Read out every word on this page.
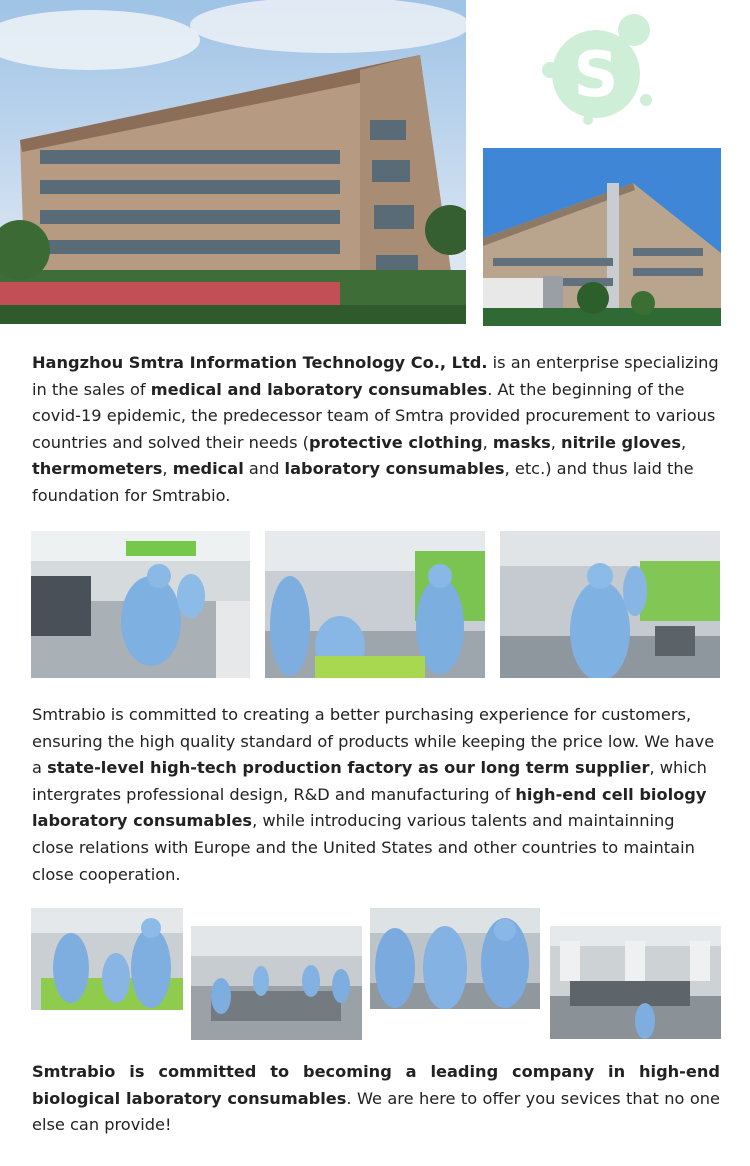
S
Hangzhou Smtra Information Technology Co., Ltd. is an enterprise specializing in the sales of medical and laboratory consumables. At the beginning of the covid-19 epidemic, the predecessor team of Smtra provided procurement to various countries and solved their needs (protective clothing, masks, nitrile gloves, thermometers, medical and laboratory consumables, etc.) and thus laid the foundation for Smtrabio.
Smtrabio is committed to creating a better purchasing experience for customers, ensuring the high quality standard of products while keeping the price low. We have a state-level high-tech production factory as our long term supplier, which intergrates professional design, R&D and manufacturing of high-end cell biology laboratory consumables, while introducing various talents and maintainning close relations with Europe and the United States and other countries to maintain close cooperation.
Smtrabio is committed to becoming a leading company in high-end biological laboratory consumables. We are here to offer you sevices that no one else can provide!
